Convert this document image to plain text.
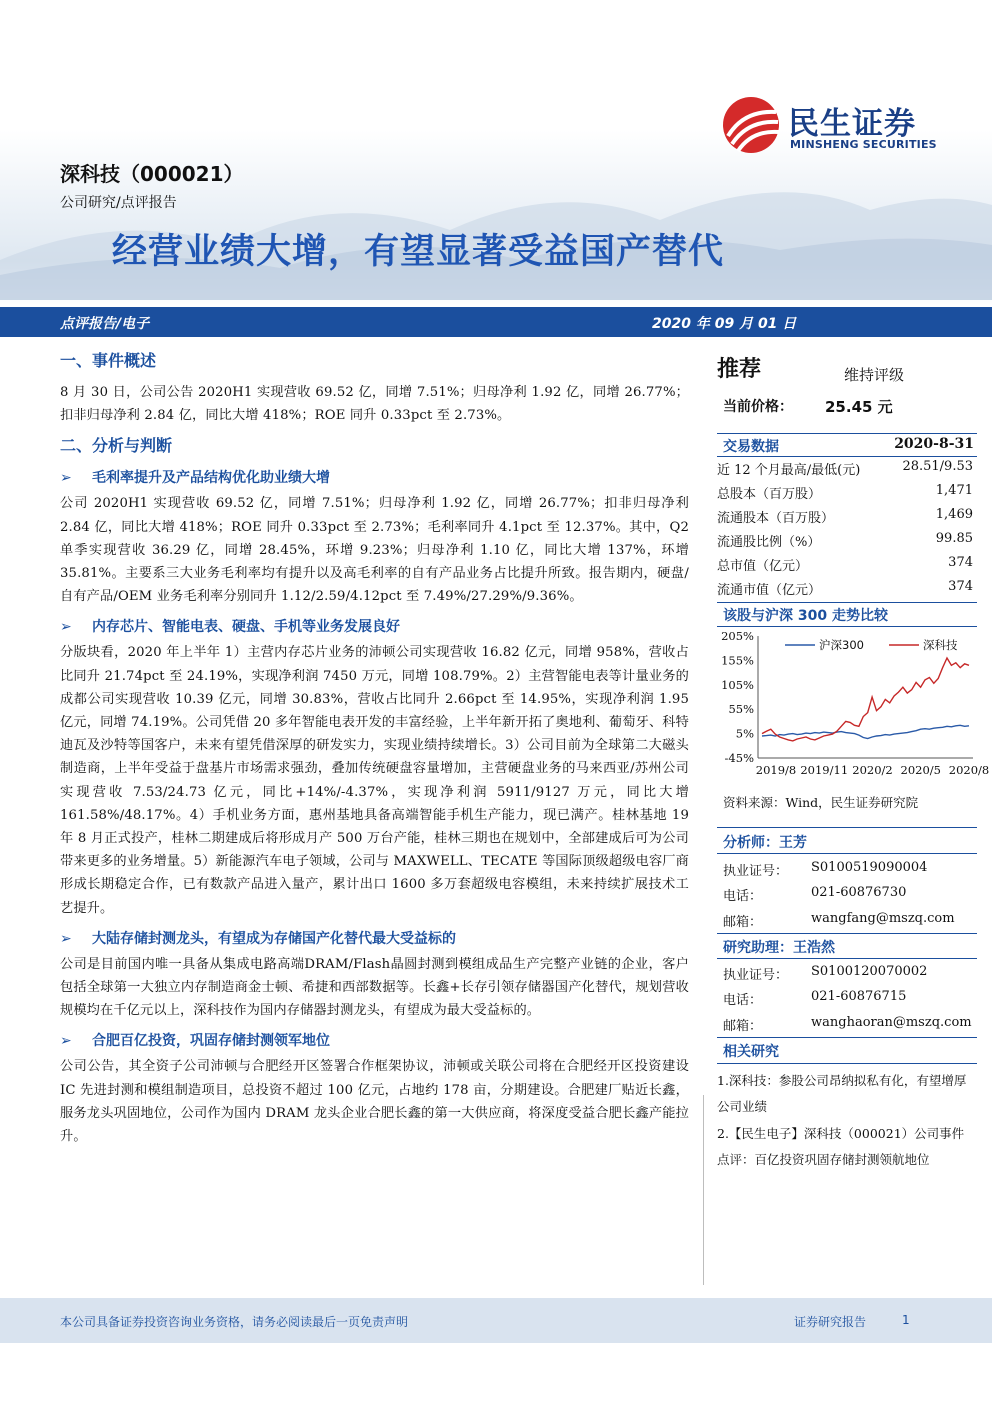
民生证券
MINSHENG SECURITIES
深科技（000021）
公司研究/点评报告
经营业绩大增，有望显著受益国产替代
点评报告/电子	2020 年 09 月 01 日
一、事件概述
8 月 30 日，公司公告 2020H1 实现营收 69.52 亿，同增 7.51%；归母净利 1.92 亿，同增 26.77%；扣非归母净利 2.84 亿，同比大增 418%；ROE 同升 0.33pct 至 2.73%。
二、分析与判断
➢ 毛利率提升及产品结构优化助业绩大增
公司 2020H1 实现营收 69.52 亿，同增 7.51%；归母净利 1.92 亿，同增 26.77%；扣非归母净利 2.84 亿，同比大增 418%；ROE 同升 0.33pct 至 2.73%；毛利率同升 4.1pct 至 12.37%。其中，Q2 单季实现营收 36.29 亿，同增 28.45%，环增 9.23%；归母净利 1.10 亿，同比大增 137%，环增 35.81%。主要系三大业务毛利率均有提升以及高毛利率的自有产品业务占比提升所致。报告期内，硬盘/自有产品/OEM 业务毛利率分别同升 1.12/2.59/4.12pct 至 7.49%/27.29%/9.36%。
➢ 内存芯片、智能电表、硬盘、手机等业务发展良好
分版块看，2020 年上半年 1）主营内存芯片业务的沛顿公司实现营收 16.82 亿元，同增 958%，营收占比同升 21.74pct 至 24.19%，实现净利润 7450 万元，同增 108.79%。2）主营智能电表等计量业务的成都公司实现营收 10.39 亿元，同增 30.83%，营收占比同升 2.66pct 至 14.95%，实现净利润 1.95 亿元，同增 74.19%。公司凭借 20 多年智能电表开发的丰富经验，上半年新开拓了奥地利、葡萄牙、科特迪瓦及沙特等国客户，未来有望凭借深厚的研发实力，实现业绩持续增长。3）公司目前为全球第二大磁头制造商，上半年受益于盘基片市场需求强劲，叠加传统硬盘容量增加，主营硬盘业务的马来西亚/苏州公司实现营收 7.53/24.73 亿元，同比+14%/-4.37%，实现净利润 5911/9127 万元，同比大增 161.58%/48.17%。4）手机业务方面，惠州基地具备高端智能手机生产能力，现已满产。桂林基地 19 年 8 月正式投产，桂林二期建成后将形成月产 500 万台产能，桂林三期也在规划中，全部建成后可为公司带来更多的业务增量。5）新能源汽车电子领域，公司与 MAXWELL、TECATE 等国际顶级超级电容厂商形成长期稳定合作，已有数款产品进入量产，累计出口 1600 多万套超级电容模组，未来持续扩展技术工艺提升。
➢ 大陆存储封测龙头，有望成为存储国产化替代最大受益标的
公司是目前国内唯一具备从集成电路高端DRAM/Flash晶圆封测到模组成品生产完整产业链的企业，客户包括全球第一大独立内存制造商金士顿、希捷和西部数据等。长鑫+长存引领存储器国产化替代，规划营收规模均在千亿元以上，深科技作为国内存储器封测龙头，有望成为最大受益标的。
➢ 合肥百亿投资，巩固存储封测领军地位
公司公告，其全资子公司沛顿与合肥经开区签署合作框架协议，沛顿或关联公司将在合肥经开区投资建设 IC 先进封测和模组制造项目，总投资不超过 100 亿元，占地约 178 亩，分期建设。合肥建厂贴近长鑫，服务龙头巩固地位，公司作为国内 DRAM 龙头企业合肥长鑫的第一大供应商，将深度受益合肥长鑫产能拉升。
推荐	维持评级
当前价格： 25.45 元
交易数据	2020-8-31
近 12 个月最高/最低(元)	28.51/9.53
总股本（百万股）	1,471
流通股本（百万股）	1,469
流通股比例（%）	99.85
总市值（亿元）	374
流通市值（亿元）	374
该股与沪深 300 走势比较
205%
155%
105%
55%
5%
-45%
2019/8 2019/11 2020/2 2020/5 2020/8
沪深300	深科技
资料来源：Wind，民生证券研究院
分析师：王芳
执业证号： S0100519090004
电话：	021-60876730
邮箱：	wangfang@mszq.com
研究助理：王浩然
执业证号： S0100120070002
电话：	021-60876715
邮箱：	wanghaoran@mszq.com
相关研究
1.深科技：参股公司昂纳拟私有化，有望增厚公司业绩
2.【民生电子】深科技（000021）公司事件点评：百亿投资巩固存储封测领航地位
本公司具备证券投资咨询业务资格，请务必阅读最后一页免责声明	证券研究报告	1
